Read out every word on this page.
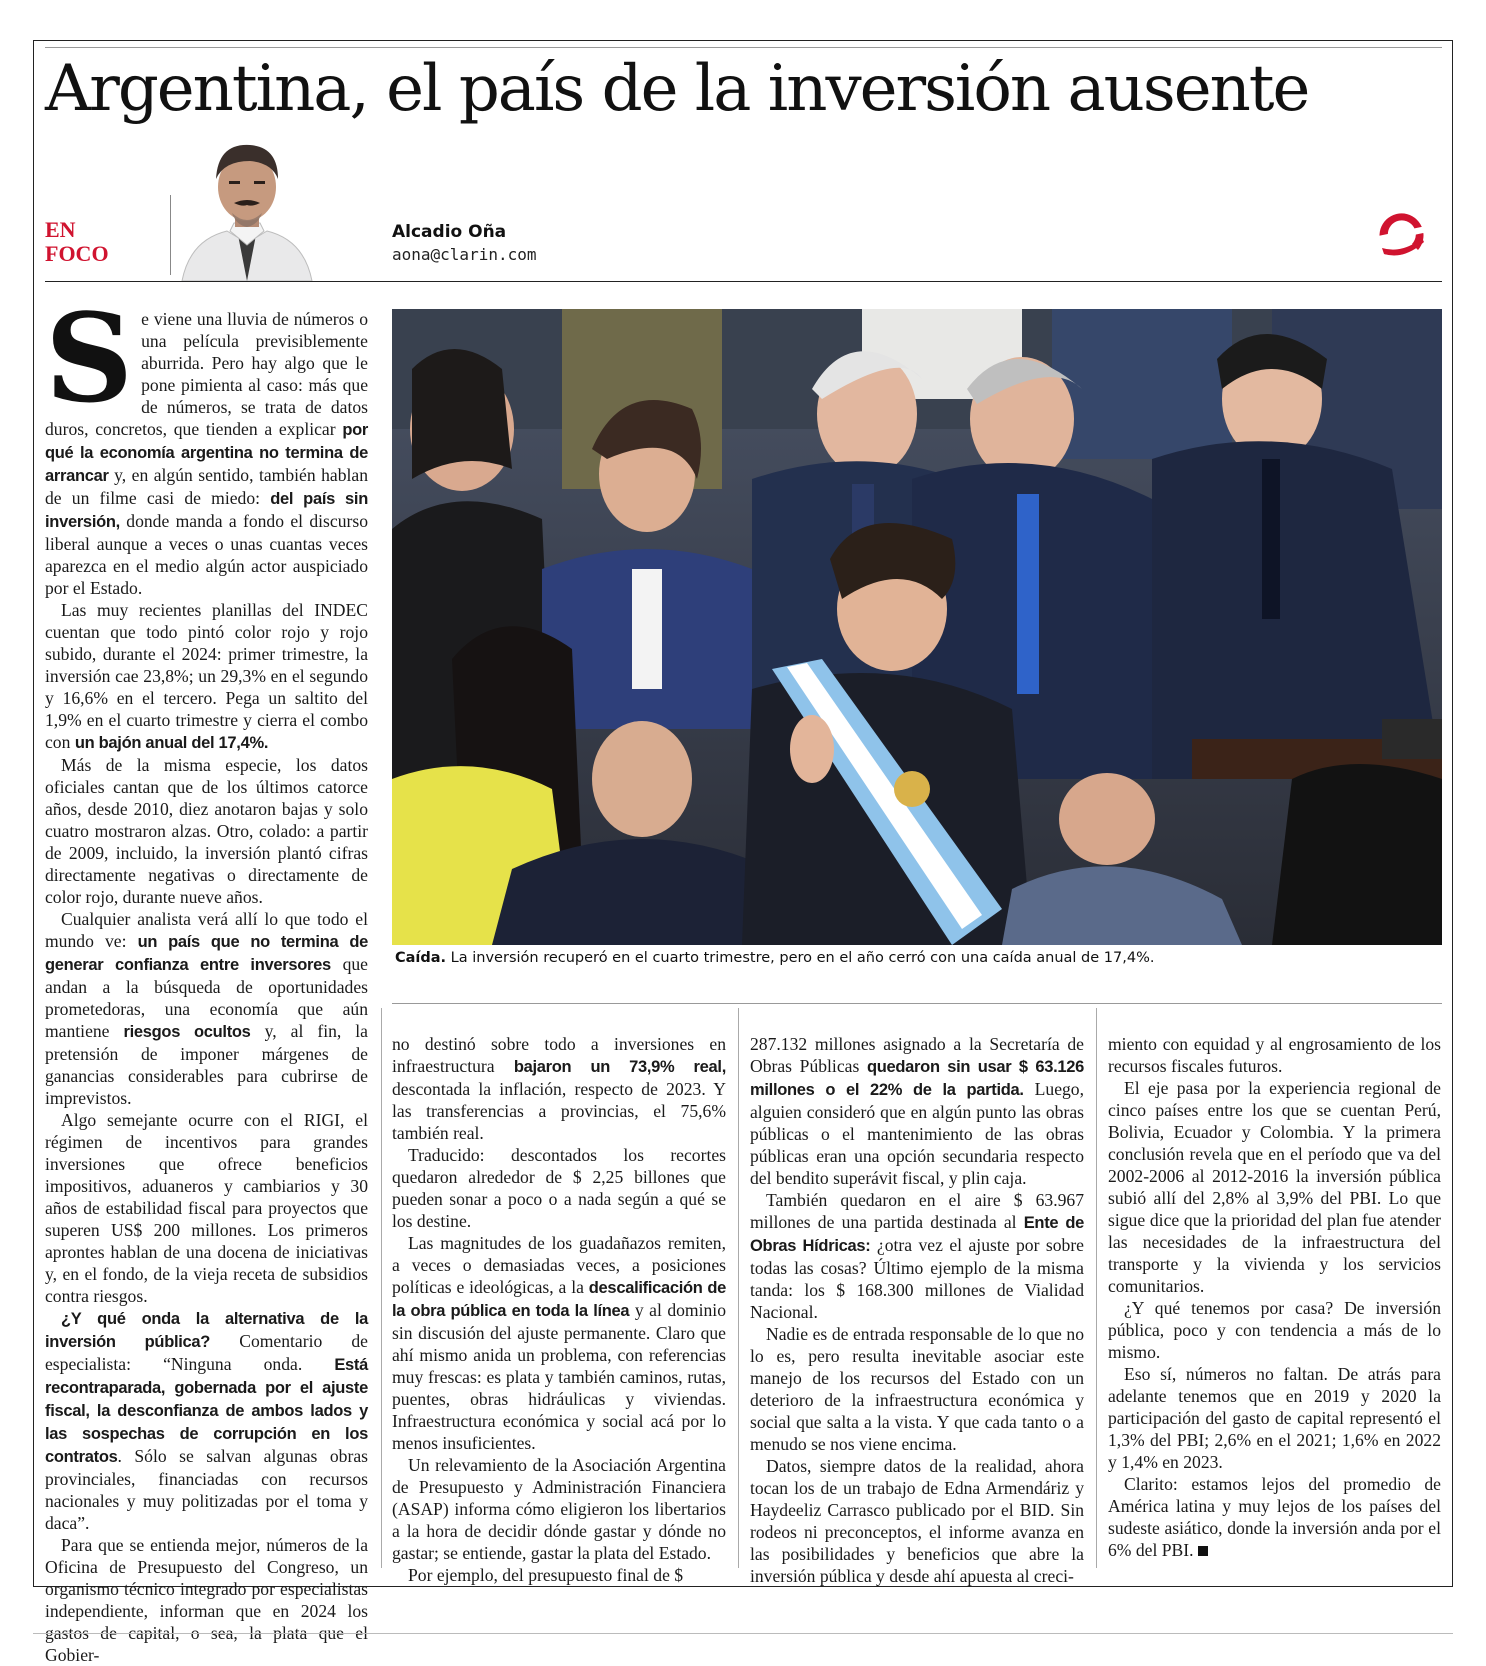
Argentina, el país de la inversión ausente
EN
FOCO
Alcadio Oña
aona@clarin.com

Se viene una lluvia de números o una película previsiblemente aburrida. Pero hay algo que le pone pimienta al caso: más que de números, se trata de datos duros, concretos, que tienden a explicar por qué la economía argentina no termina de arrancar y, en algún sentido, también hablan de un filme casi de miedo: del país sin inversión, donde manda a fondo el discurso liberal aunque a veces o unas cuantas veces aparezca en el medio algún actor auspiciado por el Estado.

Las muy recientes planillas del INDEC cuentan que todo pintó color rojo y rojo subido, durante el 2024: primer trimestre, la inversión cae 23,8%; un 29,3% en el segundo y 16,6% en el tercero. Pega un saltito del 1,9% en el cuarto trimestre y cierra el combo con un bajón anual del 17,4%.

Más de la misma especie, los datos oficiales cantan que de los últimos catorce años, desde 2010, diez anotaron bajas y solo cuatro mostraron alzas. Otro, colado: a partir de 2009, incluido, la inversión plantó cifras directamente negativas o directamente de color rojo, durante nueve años.

Cualquier analista verá allí lo que todo el mundo ve: un país que no termina de generar confianza entre inversores que andan a la búsqueda de oportunidades prometedoras, una economía que aún mantiene riesgos ocultos y, al fin, la pretensión de imponer márgenes de ganancias considerables para cubrirse de imprevistos.

Algo semejante ocurre con el RIGI, el régimen de incentivos para grandes inversiones que ofrece beneficios impositivos, aduaneros y cambiarios y 30 años de estabilidad fiscal para proyectos que superen US$ 200 millones. Los primeros aprontes hablan de una docena de iniciativas y, en el fondo, de la vieja receta de subsidios contra riesgos.

¿Y qué onda la alternativa de la inversión pública? Comentario de especialista: “Ninguna onda. Está recontraparada, gobernada por el ajuste fiscal, la desconfianza de ambos lados y las sospechas de corrupción en los contratos. Sólo se salvan algunas obras provinciales, financiadas con recursos nacionales y muy politizadas por el toma y daca”.

Para que se entienda mejor, números de la Oficina de Presupuesto del Congreso, un organismo técnico integrado por especialistas independiente, informan que en 2024 los gastos de capital, o sea, la plata que el Gobier-

Caída. La inversión recuperó en el cuarto trimestre, pero en el año cerró con una caída anual de 17,4%.

no destinó sobre todo a inversiones en infraestructura bajaron un 73,9% real, descontada la inflación, respecto de 2023. Y las transferencias a provincias, el 75,6% también real.

Traducido: descontados los recortes quedaron alrededor de $ 2,25 billones que pueden sonar a poco o a nada según a qué se los destine.

Las magnitudes de los guadañazos remiten, a veces o demasiadas veces, a posiciones políticas e ideológicas, a la descalificación de la obra pública en toda la línea y al dominio sin discusión del ajuste permanente. Claro que ahí mismo anida un problema, con referencias muy frescas: es plata y también caminos, rutas, puentes, obras hidráulicas y viviendas. Infraestructura económica y social acá por lo menos insuficientes.

Un relevamiento de la Asociación Argentina de Presupuesto y Administración Financiera (ASAP) informa cómo eligieron los libertarios a la hora de decidir dónde gastar y dónde no gastar; se entiende, gastar la plata del Estado.

Por ejemplo, del presupuesto final de $

287.132 millones asignado a la Secretaría de Obras Públicas quedaron sin usar $ 63.126 millones o el 22% de la partida. Luego, alguien consideró que en algún punto las obras públicas o el mantenimiento de las obras públicas eran una opción secundaria respecto del bendito superávit fiscal, y plin caja.

También quedaron en el aire $ 63.967 millones de una partida destinada al Ente de Obras Hídricas: ¿otra vez el ajuste por sobre todas las cosas? Último ejemplo de la misma tanda: los $ 168.300 millones de Vialidad Nacional.

Nadie es de entrada responsable de lo que no lo es, pero resulta inevitable asociar este manejo de los recursos del Estado con un deterioro de la infraestructura económica y social que salta a la vista. Y que cada tanto o a menudo se nos viene encima.

Datos, siempre datos de la realidad, ahora tocan los de un trabajo de Edna Armendáriz y Haydeeliz Carrasco publicado por el BID. Sin rodeos ni preconceptos, el informe avanza en las posibilidades y beneficios que abre la inversión pública y desde ahí apuesta al creci-

miento con equidad y al engrosamiento de los recursos fiscales futuros.

El eje pasa por la experiencia regional de cinco países entre los que se cuentan Perú, Bolivia, Ecuador y Colombia. Y la primera conclusión revela que en el período que va del 2002-2006 al 2012-2016 la inversión pública subió allí del 2,8% al 3,9% del PBI. Lo que sigue dice que la prioridad del plan fue atender las necesidades de la infraestructura del transporte y la vivienda y los servicios comunitarios.

¿Y qué tenemos por casa? De inversión pública, poco y con tendencia a más de lo mismo.

Eso sí, números no faltan. De atrás para adelante tenemos que en 2019 y 2020 la participación del gasto de capital representó el 1,3% del PBI; 2,6% en el 2021; 1,6% en 2022 y 1,4% en 2023.

Clarito: estamos lejos del promedio de América latina y muy lejos de los países del sudeste asiático, donde la inversión anda por el 6% del PBI.
